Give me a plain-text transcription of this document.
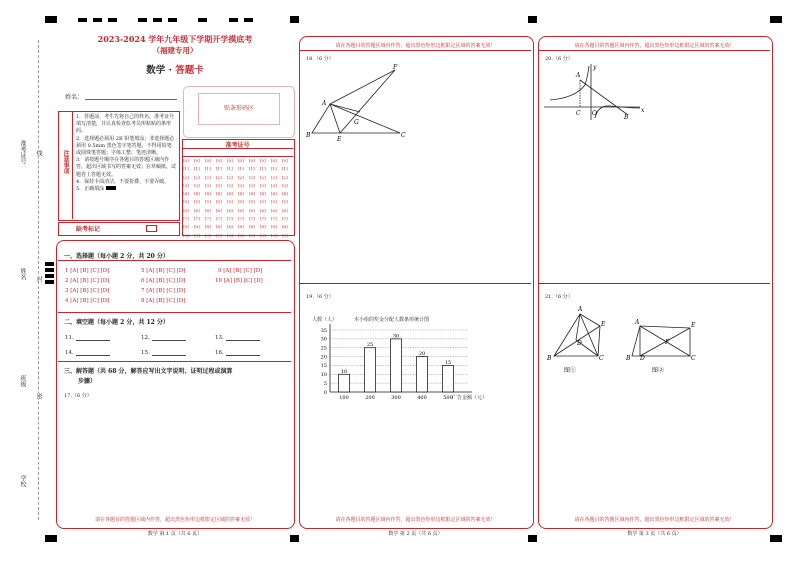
准考证号
姓名
班级
学校
线
封
密
2023-2024 学年九年级下学期开学摸底考
（福建专用）
数学 · 答题卡
姓名：
贴条形码区
注意事项
1．答题前，考生先将自己的姓名，准考证号填写清楚，并认真检查监考员所粘贴的条形码。
2．选择题必须用 2B 铅笔填涂；非选择题必须用 0.5mm 黑色签字笔答题，不得用铅笔或圆珠笔答题；字体工整、笔迹清晰。
3．请按题号顺序在各题目的答题区域内作答，超出区域书写的答案无效；在草稿纸、试题卷上答题无效。
4．保持卡面清洁，不要折叠、不要弄破。
5．正确填涂
缺考标记
准考证号
[0]	[0]	[0]	[0]	[0]	[0]	[0]	[0]	[0]	[0]
[1]	[1]	[1]	[1]	[1]	[1]	[1]	[1]	[1]	[1]
[2]	[2]	[2]	[2]	[2]	[2]	[2]	[2]	[2]	[2]
[3]	[3]	[3]	[3]	[3]	[3]	[3]	[3]	[3]	[3]
[4]	[4]	[4]	[4]	[4]	[4]	[4]	[4]	[4]	[4]
[5]	[5]	[5]	[5]	[5]	[5]	[5]	[5]	[5]	[5]
[6]	[6]	[6]	[6]	[6]	[6]	[6]	[6]	[6]	[6]
[7]	[7]	[7]	[7]	[7]	[7]	[7]	[7]	[7]	[7]
[8]	[8]	[8]	[8]	[8]	[8]	[8]	[8]	[8]	[8]
[9]	[9]	[9]	[9]	[9]	[9]	[9]	[9]	[9]	[9]
一、选择题（每小题 2 分，共 20 分）
1 [A] [B] [C] [D]
2 [A] [B] [C] [D]
3 [A] [B] [C] [D]
4 [A] [B] [C] [D]
5 [A] [B] [C] [D]
6 [A] [B] [C] [D]
7 [A] [B] [C] [D]
8 [A] [B] [C] [D]
9 [A] [B] [C] [D]
10 [A] [B] [C] [D]
二、填空题（每小题 2 分，共 12 分）
11.	12.	13.
14.	15.	16.
三、解答题（共 68 分，解答应写出文字说明、证明过程或演算
步骤）
17.（6 分）
请在各题目的答题区域内作答，超出黑色矩形边框限定区域的答案无效！
数学 第 1 页（共 6 页）
请在各题目的答题区域内作答，超出黑色矩形边框限定区域的答案无效！
18.（6 分）
F
A
G
B
E
C
19.（6 分）
人数（人）	本小组的奖金分配人数条形统计图
广告金额（元）
0
5
10
15
20
25
30
35
10
100
25
200
30
300
20
400
15
500
请在各题目的答题区域内作答，超出黑色矩形边框限定区域的答案无效！
数学 第 2 页（共 6 页）
请在各题目的答题区域内作答，超出黑色矩形边框限定区域的答案无效！
20.（6 分）
A
y
x
C O
B
21.（6 分）
A
E
D
B	C
图①
A	E
F
B D	C
图②
请在各题目的答题区域内作答，超出黑色矩形边框限定区域的答案无效！
数学 第 3 页（共 6 页）
